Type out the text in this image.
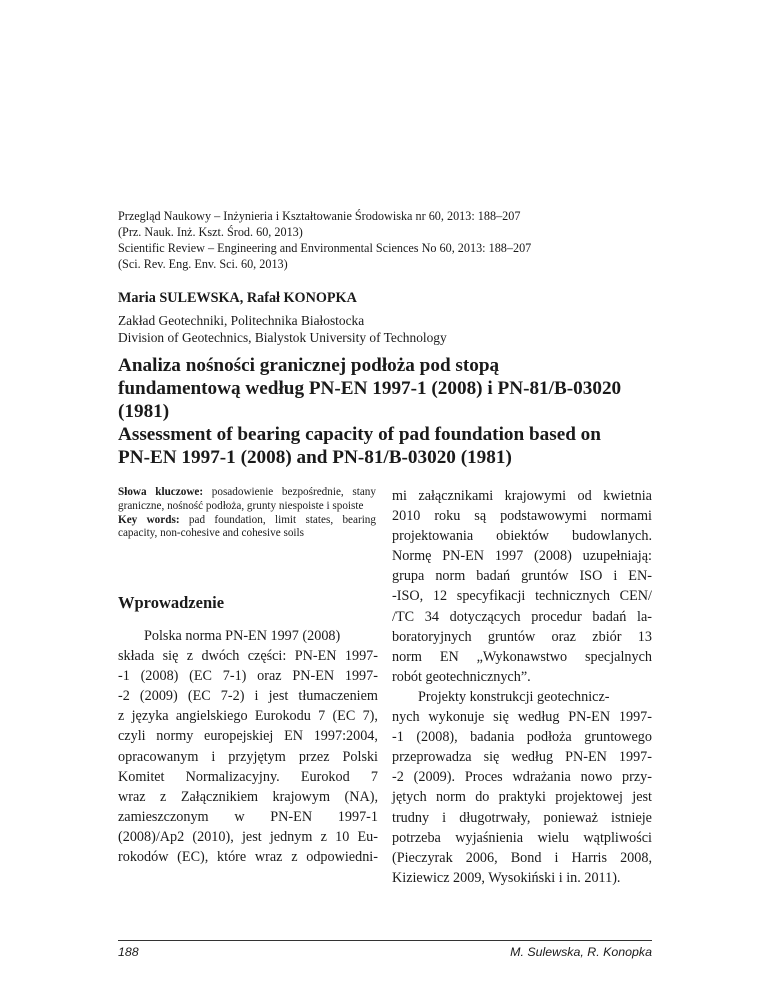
Przegląd Naukowy – Inżynieria i Kształtowanie Środowiska nr 60, 2013: 188–207
(Prz. Nauk. Inż. Kszt. Środ. 60, 2013)
Scientific Review – Engineering and Environmental Sciences No 60, 2013: 188–207
(Sci. Rev. Eng. Env. Sci. 60, 2013)
Maria SULEWSKA, Rafał KONOPKA
Zakład Geotechniki, Politechnika Białostocka
Division of Geotechnics, Bialystok University of Technology
Analiza nośności granicznej podłoża pod stopą
fundamentową według PN-EN 1997-1 (2008) i PN-81/B-03020
(1981)
Assessment of bearing capacity of pad foundation based on
PN-EN 1997-1 (2008) and PN-81/B-03020 (1981)
Słowa kluczowe: posadowienie bezpośrednie, stany graniczne, nośność podłoża, grunty niespoiste i spoiste
Key words: pad foundation, limit states, bearing capacity, non-cohesive and cohesive soils
Wprowadzenie
Polska norma PN-EN 1997 (2008)
składa się z dwóch części: PN-EN 1997-
-1 (2008) (EC 7-1) oraz PN-EN 1997-
-2 (2009) (EC 7-2) i jest tłumaczeniem
z języka angielskiego Eurokodu 7 (EC 7),
czyli normy europejskiej EN 1997:2004,
opracowanym i przyjętym przez Polski
Komitet Normalizacyjny. Eurokod 7
wraz z Załącznikiem krajowym (NA),
zamieszczonym w PN-EN 1997-1
(2008)/Ap2 (2010), jest jednym z 10 Eu-
rokodów (EC), które wraz z odpowiedni-
mi załącznikami krajowymi od kwietnia
2010 roku są podstawowymi normami
projektowania obiektów budowlanych.
Normę PN-EN 1997 (2008) uzupełniają:
grupa norm badań gruntów ISO i EN-
-ISO, 12 specyfikacji technicznych CEN/
/TC 34 dotyczących procedur badań la-
boratoryjnych gruntów oraz zbiór 13
norm EN „Wykonawstwo specjalnych
robót geotechnicznych”.
Projekty konstrukcji geotechnicz-
nych wykonuje się według PN-EN 1997-
-1 (2008), badania podłoża gruntowego
przeprowadza się według PN-EN 1997-
-2 (2009). Proces wdrażania nowo przy-
jętych norm do praktyki projektowej jest
trudny i długotrwały, ponieważ istnieje
potrzeba wyjaśnienia wielu wątpliwości
(Pieczyrak 2006, Bond i Harris 2008,
Kiziewicz 2009, Wysokiński i in. 2011).
188	M. Sulewska, R. Konopka
